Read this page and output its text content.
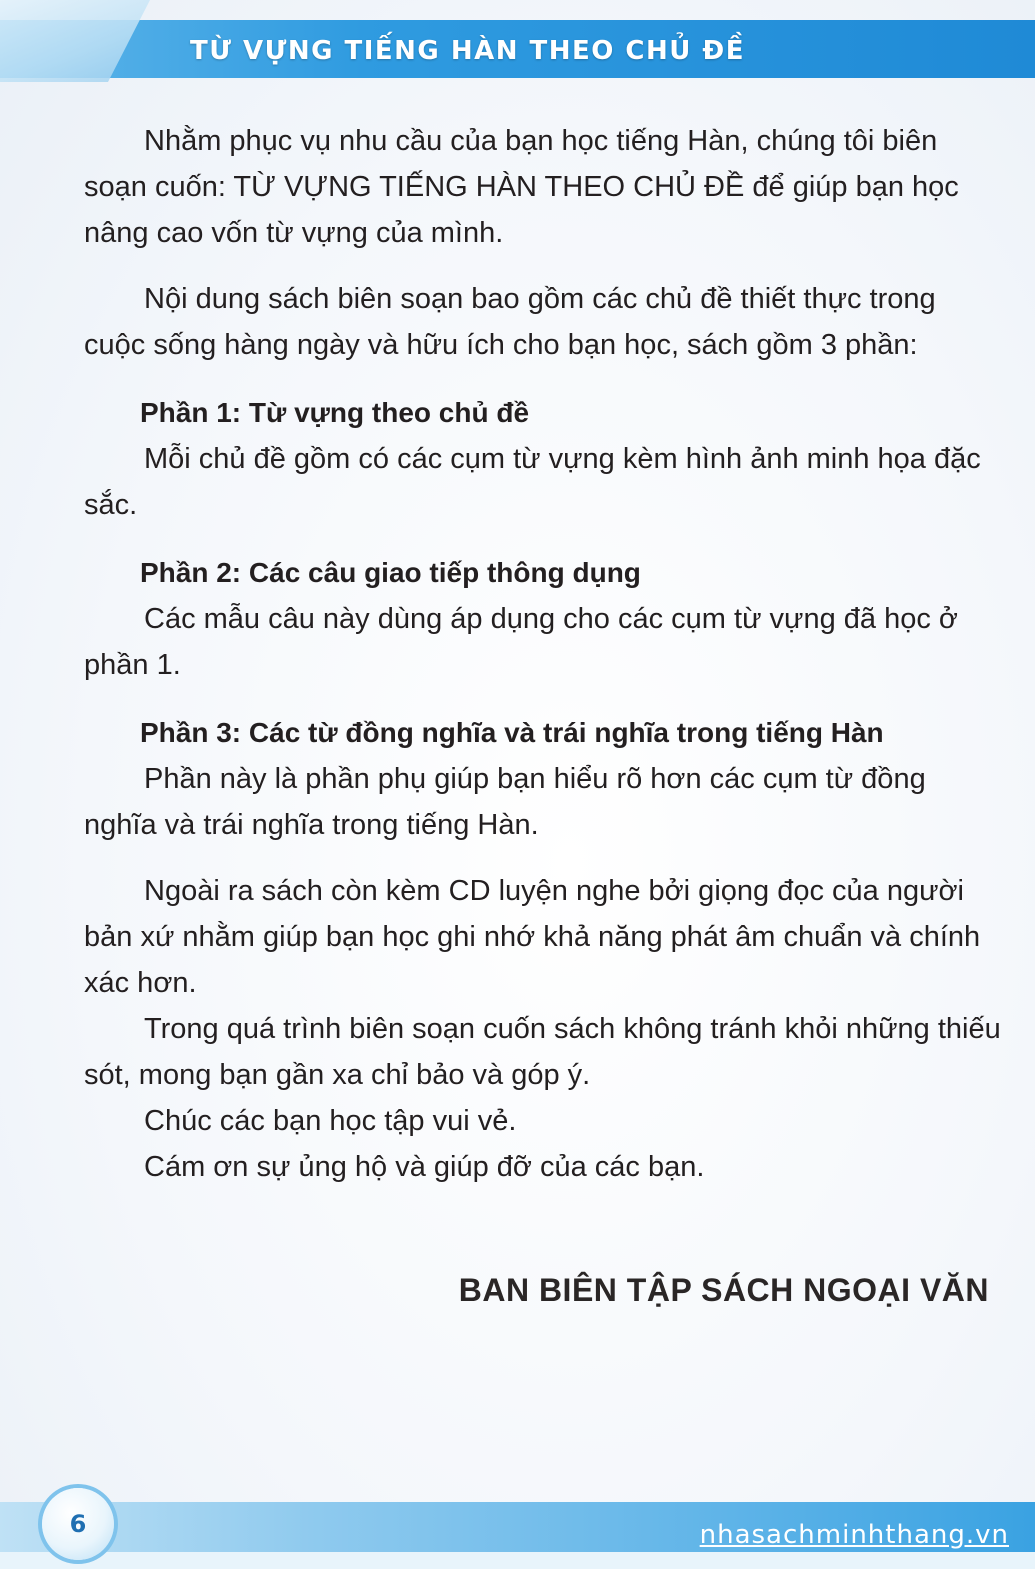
TỪ VỰNG TIẾNG HÀN THEO CHỦ ĐỀ

Nhằm phục vụ nhu cầu của bạn học tiếng Hàn, chúng tôi biên soạn cuốn: TỪ VỰNG TIẾNG HÀN THEO CHỦ ĐỀ để giúp bạn học nâng cao vốn từ vựng của mình.

Nội dung sách biên soạn bao gồm các chủ đề thiết thực trong cuộc sống hàng ngày và hữu ích cho bạn học, sách gồm 3 phần:

Phần 1: Từ vựng theo chủ đề

Mỗi chủ đề gồm có các cụm từ vựng kèm hình ảnh minh họa đặc sắc.

Phần 2: Các câu giao tiếp thông dụng

Các mẫu câu này dùng áp dụng cho các cụm từ vựng đã học ở phần 1.

Phần 3: Các từ đồng nghĩa và trái nghĩa trong tiếng Hàn

Phần này là phần phụ giúp bạn hiểu rõ hơn các cụm từ đồng nghĩa và trái nghĩa trong tiếng Hàn.

Ngoài ra sách còn kèm CD luyện nghe bởi giọng đọc của người bản xứ nhằm giúp bạn học ghi nhớ khả năng phát âm chuẩn và chính xác hơn.

Trong quá trình biên soạn cuốn sách không tránh khỏi những thiếu sót, mong bạn gần xa chỉ bảo và góp ý.

Chúc các bạn học tập vui vẻ.

Cám ơn sự ủng hộ và giúp đỡ của các bạn.

BAN BIÊN TẬP SÁCH NGOẠI VĂN
6	nhasachminhthang.vn
